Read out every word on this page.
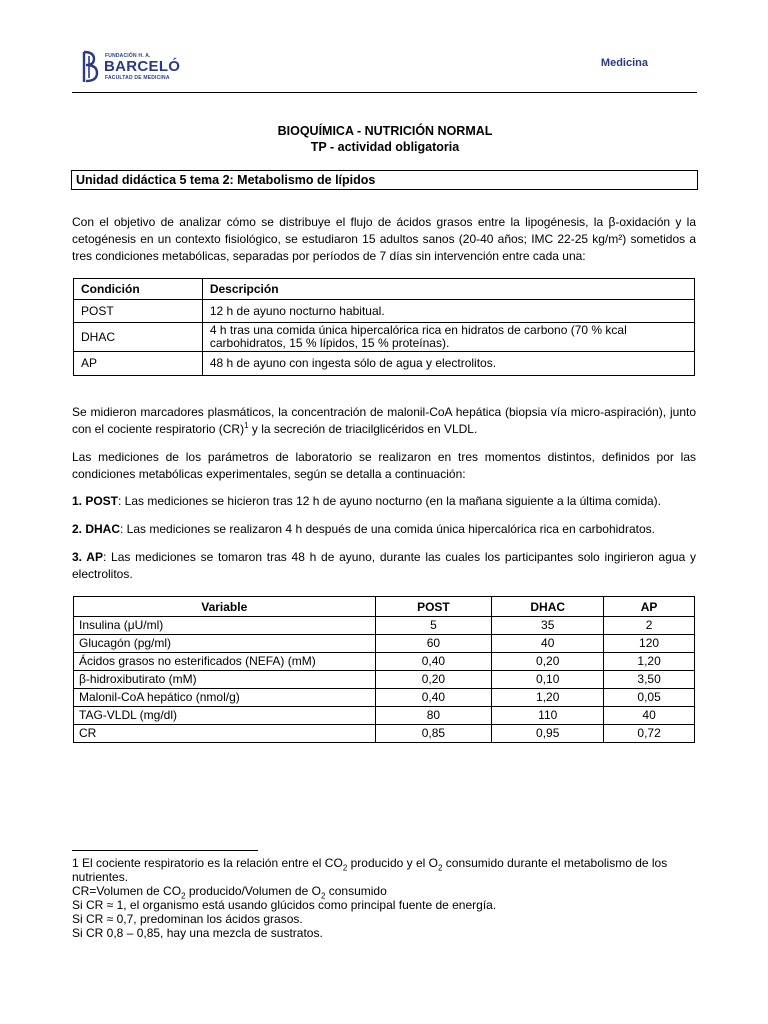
FUNDACIÓN H. A.
BARCELÓ
FACULTAD DE MEDICINA
Medicina
BIOQUÍMICA - NUTRICIÓN NORMAL
TP - actividad obligatoria
Unidad didáctica 5 tema 2: Metabolismo de lípidos
Con el objetivo de analizar cómo se distribuye el flujo de ácidos grasos entre la lipogénesis, la β-oxidación y la cetogénesis en un contexto fisiológico, se estudiaron 15 adultos sanos (20-40 años; IMC 22-25 kg/m²) sometidos a tres condiciones metabólicas, separadas por períodos de 7 días sin intervención entre cada una:
Condición	Descripción
POST	12 h de ayuno nocturno habitual.
DHAC	4 h tras una comida única hipercalórica rica en hidratos de carbono (70 % kcal carbohidratos, 15 % lípidos, 15 % proteínas).
AP	48 h de ayuno con ingesta sólo de agua y electrolitos.
Se midieron marcadores plasmáticos, la concentración de malonil-CoA hepática (biopsia vía micro-aspiración), junto con el cociente respiratorio (CR)$^1$ y la secreción de triacilglicéridos en VLDL.
Las mediciones de los parámetros de laboratorio se realizaron en tres momentos distintos, definidos por las condiciones metabólicas experimentales, según se detalla a continuación:
1. POST: Las mediciones se hicieron tras 12 h de ayuno nocturno (en la mañana siguiente a la última comida).
2. DHAC: Las mediciones se realizaron 4 h después de una comida única hipercalórica rica en carbohidratos.
3. AP: Las mediciones se tomaron tras 48 h de ayuno, durante las cuales los participantes solo ingirieron agua y electrolitos.
Variable	POST	DHAC	AP
Insulina (μU/ml)	5	35	2
Glucagón (pg/ml)	60	40	120
Ácidos grasos no esterificados (NEFA) (mM)	0,40	0,20	1,20
β-hidroxibutirato (mM)	0,20	0,10	3,50
Malonil-CoA hepático (nmol/g)	0,40	1,20	0,05
TAG-VLDL (mg/dl)	80	110	40
CR	0,85	0,95	0,72
1 El cociente respiratorio es la relación entre el $CO_2$ producido y el $O_2$ consumido durante el metabolismo de los nutrientes.
CR=Volumen de $CO_2$ producido/Volumen de $O_2$ consumido
Si CR ≈ 1, el organismo está usando glúcidos como principal fuente de energía.
Si CR ≈ 0,7, predominan los ácidos grasos.
Si CR 0,8 – 0,85, hay una mezcla de sustratos.
